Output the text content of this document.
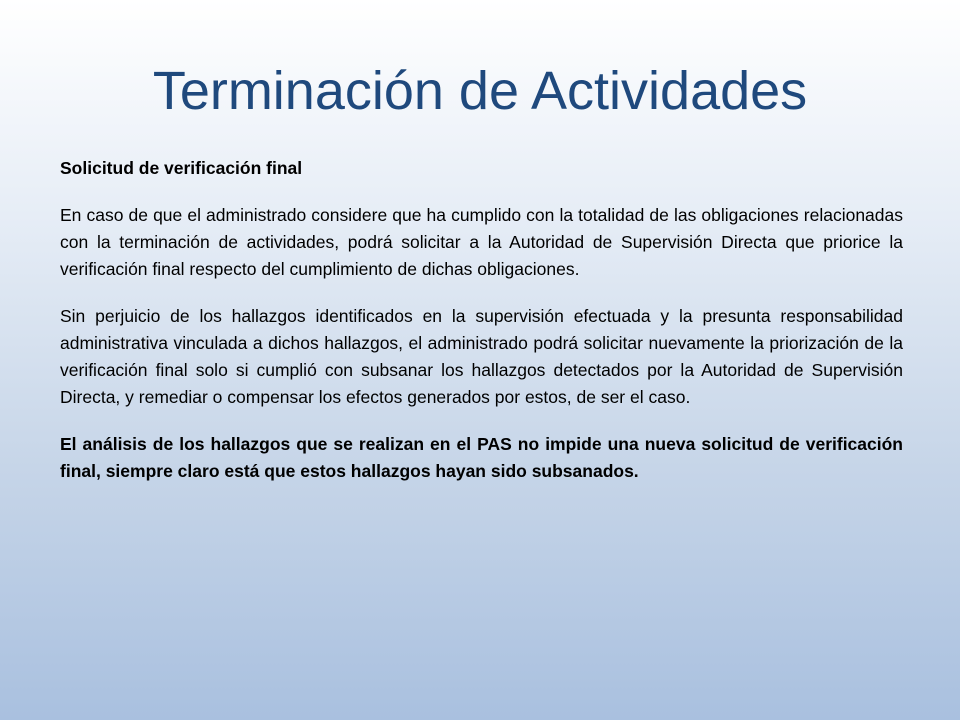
Terminación de Actividades

Solicitud de verificación final

En caso de que el administrado considere que ha cumplido con la totalidad de las obligaciones relacionadas con la terminación de actividades, podrá solicitar a la Autoridad de Supervisión Directa que priorice la verificación final respecto del cumplimiento de dichas obligaciones.

Sin perjuicio de los hallazgos identificados en la supervisión efectuada y la presunta responsabilidad administrativa vinculada a dichos hallazgos, el administrado podrá solicitar nuevamente la priorización de la verificación final solo si cumplió con subsanar los hallazgos detectados por la Autoridad de Supervisión Directa, y remediar o compensar los efectos generados por estos, de ser el caso.

El análisis de los hallazgos que se realizan en el PAS no impide una nueva solicitud de verificación final, siempre claro está que estos hallazgos hayan sido subsanados.
